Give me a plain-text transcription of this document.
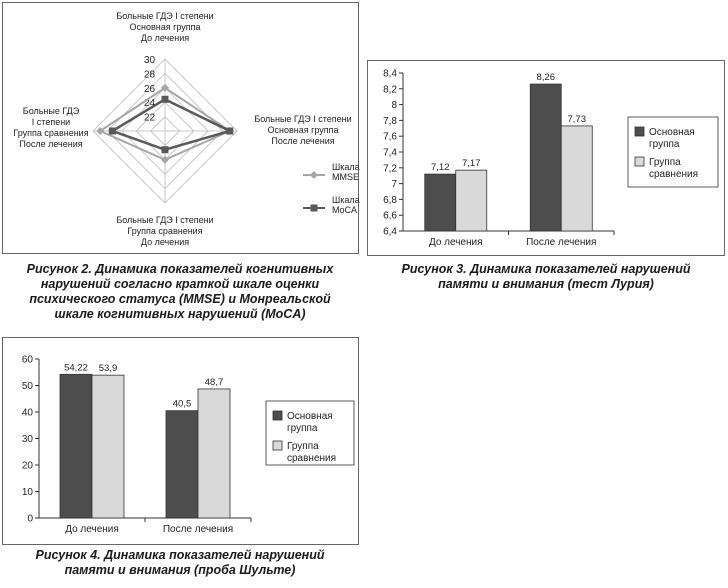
22
24
26
28
30
Больные ГДЭ I степени
Основная группа
До лечения
Больные ГДЭ I степени
Основная группа
После лечения
Больные ГДЭ I степени
Группа сравнения
До лечения
Больные ГДЭ
I степени
Группа сравнения
После лечения
Шкала
MMSE
Шкала
MoCA
Рисунок 2. Динамика показателей когнитивных
нарушений согласно краткой шкале оценки
психического статуса (MMSE) и Монреальской
шкале когнитивных нарушений (MoCA)
6,4
6,6
6,8
7
7,2
7,4
7,6
7,8
8
8,2
8,4
7,12 7,17
До лечения
8,26
7,73
После лечения
Основная
группа
Группа
сравнения
Рисунок 3. Динамика показателей нарушений
памяти и внимания (тест Лурия)
0
10
20
30
40
50
60
54,22 53,9
До лечения
40,5
48,7
После лечения
Основная
группа
Группа
сравнения
Рисунок 4. Динамика показателей нарушений
памяти и внимания (проба Шульте)
